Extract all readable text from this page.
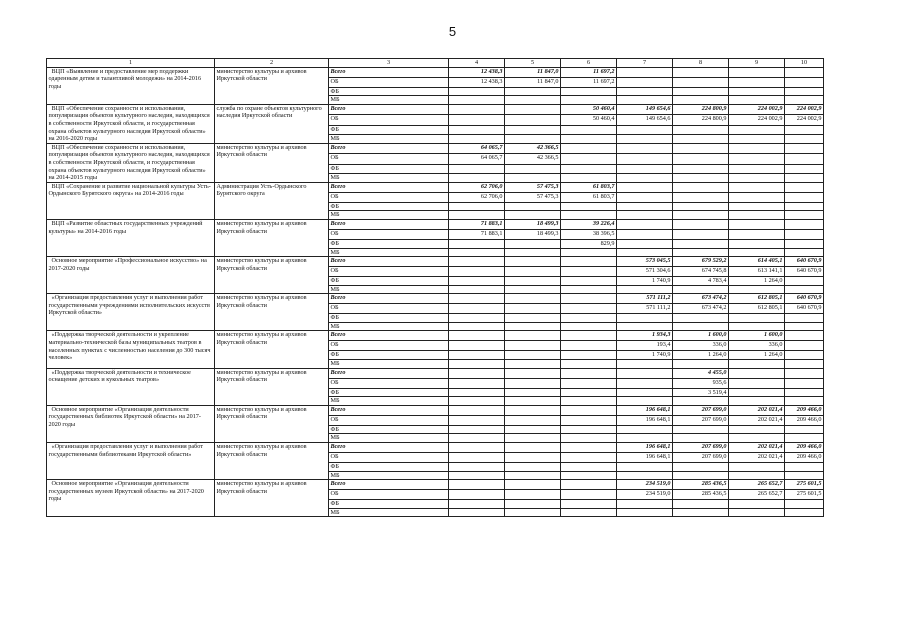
5
1	2	3	4	5	6	7	8	9	10
ВЦП «Выявление и предоставление мер поддержки одаренным детям и талантливой молодежи» на 2014-2016 годы	министерство культуры и архивов Иркутской области	Всего	12 438,3	11 847,0	11 697,2				
		ОБ	12 438,3	11 847,0	11 697,2				
		ФБ							
		МБ							
ВЦП «Обеспечение сохранности и использования, популяризация объектов культурного наследия, находящихся в собственности Иркутской области, и государственная охрана объектов культурного наследия Иркутской области» на 2016-2020 годы	служба по охране объектов культурного наследия Иркутской области	Всего			50 460,4	149 654,6	224 800,9	224 002,9	224 002,9
		ОБ			50 460,4	149 654,6	224 800,9	224 002,9	224 002,9
		ФБ							
		МБ							
ВЦП «Обеспечение сохранности и использования, популяризация объектов культурного наследия, находящихся в собственности Иркутской области, и государственная охрана объектов культурного наследия Иркутской области» на 2014-2015 годы	министерство культуры и архивов Иркутской области	Всего	64 065,7	42 366,5					
		ОБ	64 065,7	42 366,5					
		ФБ							
		МБ							
ВЦП «Сохранение и развитие национальной культуры Усть-Ордынского Бурятского округа» на 2014-2016 годы	Администрация Усть-Ордынского Бурятского округа	Всего	62 706,0	57 475,3	61 803,7				
		ОБ	62 706,0	57 475,3	61 803,7				
		ФБ							
		МБ							
ВЦП «Развитие областных государственных учреждений культуры» на 2014-2016 годы	министерство культуры и архивов Иркутской области	Всего	71 883,1	18 499,3	39 226,4				
		ОБ	71 883,1	18 499,3	38 396,5				
		ФБ			829,9				
		МБ							
Основное мероприятие «Профессиональное искусство» на 2017-2020 годы	министерство культуры и архивов Иркутской области	Всего				573 045,5	679 529,2	614 405,1	640 670,9
		ОБ				571 304,6	674 745,8	613 141,1	640 670,9
		ФБ				1 740,9	4 783,4	1 264,0	
		МБ							
«Организация предоставления услуг и выполнения работ государственными учреждениями исполнительских искусств Иркутской области»	министерство культуры и архивов Иркутской области	Всего				571 111,2	673 474,2	612 805,1	640 670,9
		ОБ				571 111,2	673 474,2	612 805,1	640 670,9
		ФБ							
		МБ							
«Поддержка творческой деятельности и укрепление материально-технической базы муниципальных театров в населенных пунктах с численностью населения до 300 тысяч человек»	министерство культуры и архивов Иркутской области	Всего				1 934,3	1 600,0	1 600,0	
		ОБ				193,4	336,0	336,0	
		ФБ				1 740,9	1 264,0	1 264,0	
		МБ							
«Поддержка творческой деятельности и техническое оснащение детских и кукольных театров»	министерство культуры и архивов Иркутской области	Всего					4 455,0		
		ОБ					935,6		
		ФБ					3 519,4		
		МБ							
Основное мероприятие «Организация деятельности государственных библиотек Иркутской области» на 2017-2020 годы	министерство культуры и архивов Иркутской области	Всего				196 648,1	207 699,0	202 021,4	209 466,0
		ОБ				196 648,1	207 699,0	202 021,4	209 466,0
		ФБ							
		МБ							
«Организация предоставления услуг и выполнения работ государственными библиотеками Иркутской области»	министерство культуры и архивов Иркутской области	Всего				196 648,1	207 699,0	202 021,4	209 466,0
		ОБ				196 648,1	207 699,0	202 021,4	209 466,0
		ФБ							
		МБ							
Основное мероприятие «Организация деятельности государственных музеев Иркутской области» на 2017-2020 годы	министерство культуры и архивов Иркутской области	Всего				234 519,0	285 436,5	265 652,7	275 601,5
		ОБ				234 519,0	285 436,5	265 652,7	275 601,5
		ФБ							
		МБ							
